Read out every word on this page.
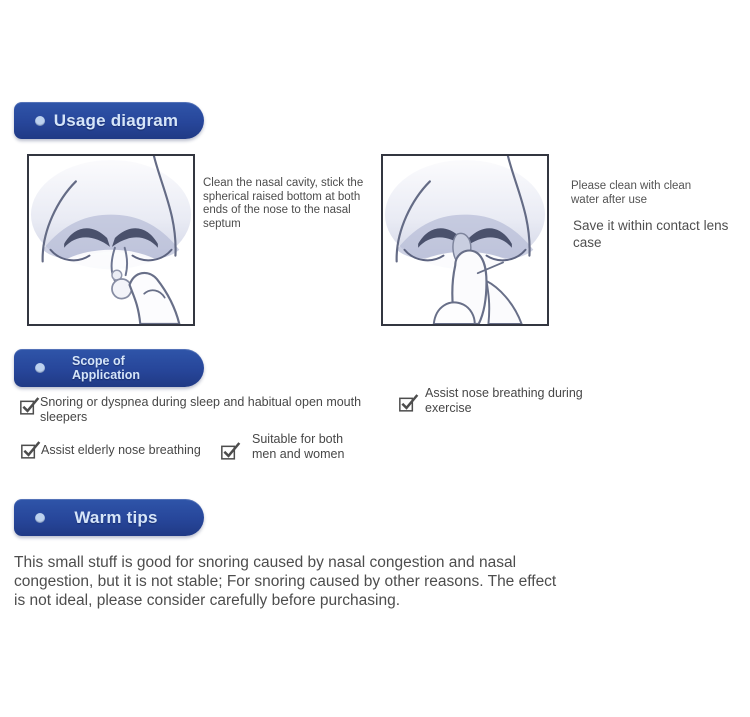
Usage diagram
Clean the nasal cavity, stick the spherical raised bottom at both ends of the nose to the nasal septum
Please clean with clean water after use
Save it within contact lens case
Scope of
Application
Snoring or dyspnea during sleep and habitual open mouth sleepers
Assist nose breathing during exercise
Assist elderly nose breathing
Suitable for both men and women
Warm tips
This small stuff is good for snoring caused by nasal congestion and nasal congestion, but it is not stable; For snoring caused by other reasons. The effect is not ideal, please consider carefully before purchasing.
